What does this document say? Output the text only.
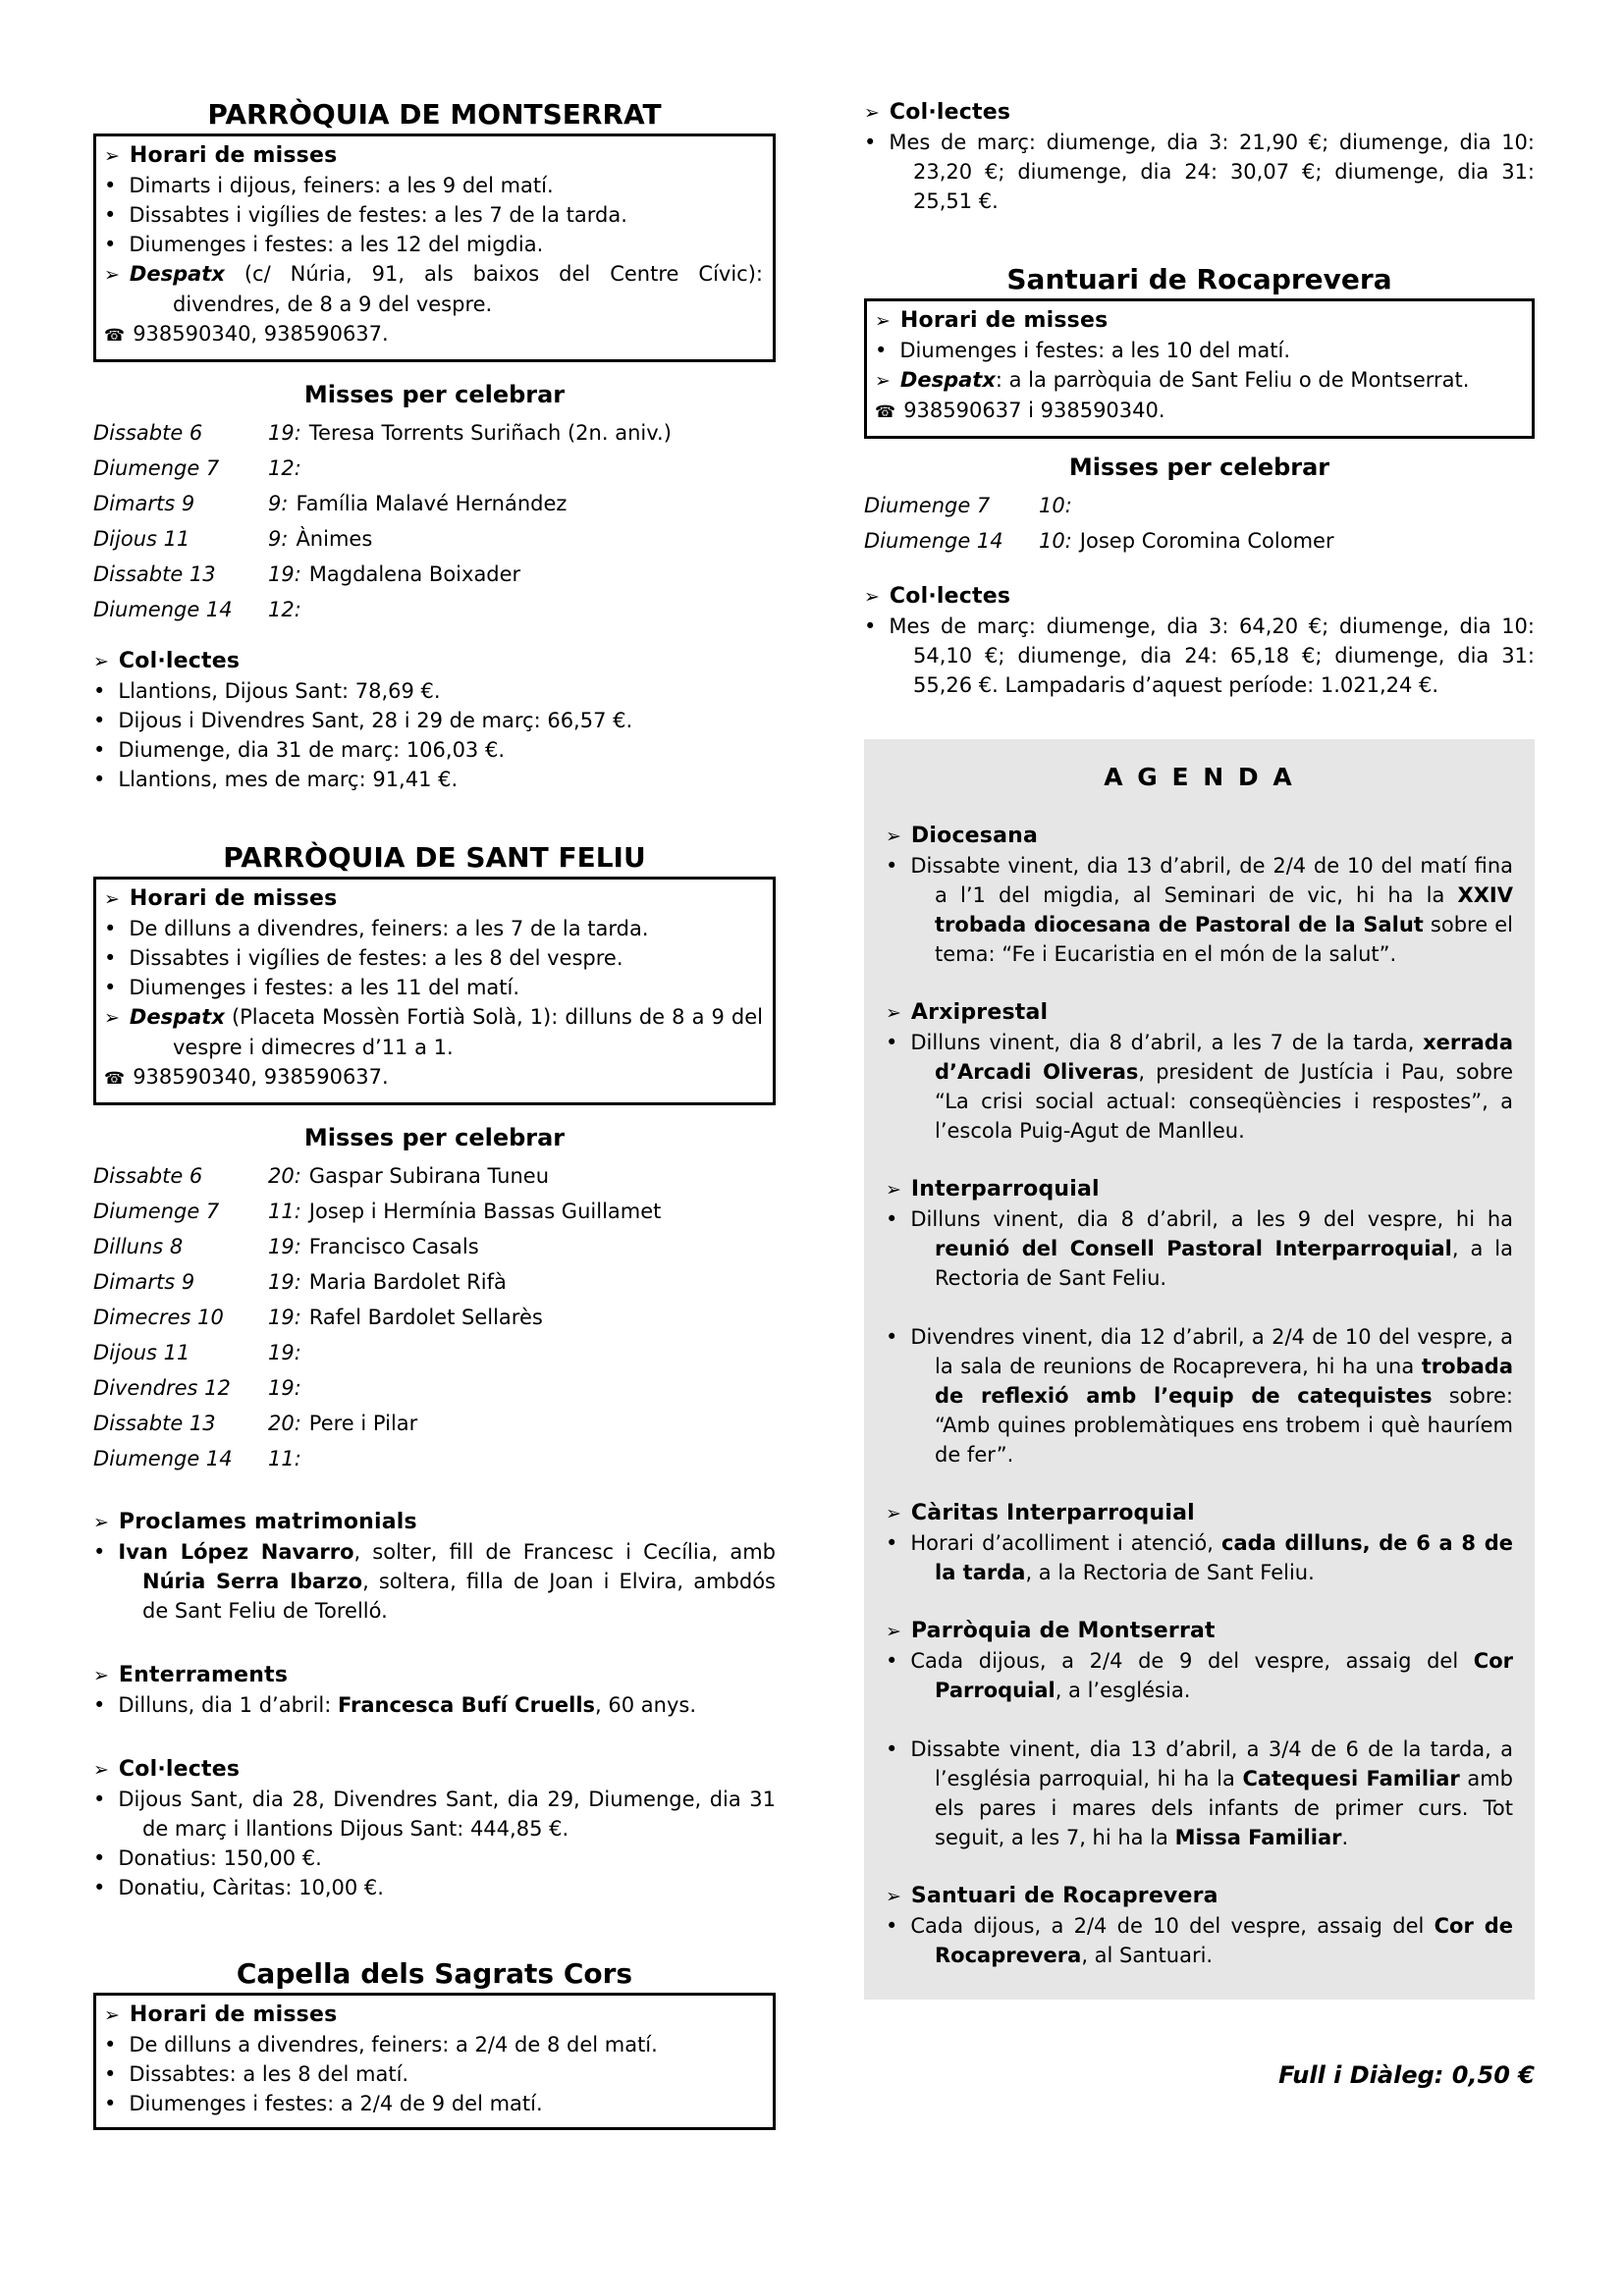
PARRÒQUIA DE MONTSERRAT
➢ Horari de misses
• Dimarts i dijous, feiners: a les 9 del matí.
• Dissabtes i vigílies de festes: a les 7 de la tarda.
• Diumenges i festes: a les 12 del migdia.
➢ Despatx (c/ Núria, 91, als baixos del Centre Cívic): divendres, de 8 a 9 del vespre.
☎ 938590340, 938590637.
Misses per celebrar
Dissabte 6	19: Teresa Torrents Suriñach (2n. aniv.)
Diumenge 7	12:
Dimarts 9	9: Família Malavé Hernández
Dijous 11	9: Ànimes
Dissabte 13	19: Magdalena Boixader
Diumenge 14	12:
➢ Col·lectes
• Llantions, Dijous Sant: 78,69 €.
• Dijous i Divendres Sant, 28 i 29 de març: 66,57 €.
• Diumenge, dia 31 de març: 106,03 €.
• Llantions, mes de març: 91,41 €.
PARRÒQUIA DE SANT FELIU
➢ Horari de misses
• De dilluns a divendres, feiners: a les 7 de la tarda.
• Dissabtes i vigílies de festes: a les 8 del vespre.
• Diumenges i festes: a les 11 del matí.
➢ Despatx (Placeta Mossèn Fortià Solà, 1): dilluns de 8 a 9 del vespre i dimecres d’11 a 1.
☎ 938590340, 938590637.
Misses per celebrar
Dissabte 6	20: Gaspar Subirana Tuneu
Diumenge 7	11: Josep i Hermínia Bassas Guillamet
Dilluns 8	19: Francisco Casals
Dimarts 9	19: Maria Bardolet Rifà
Dimecres 10	19: Rafel Bardolet Sellarès
Dijous 11	19:
Divendres 12	19:
Dissabte 13	20: Pere i Pilar
Diumenge 14	11:
➢ Proclames matrimonials
• Ivan López Navarro, solter, fill de Francesc i Cecília, amb Núria Serra Ibarzo, soltera, filla de Joan i Elvira, ambdós de Sant Feliu de Torelló.
➢ Enterraments
• Dilluns, dia 1 d’abril: Francesca Bufí Cruells, 60 anys.
➢ Col·lectes
• Dijous Sant, dia 28, Divendres Sant, dia 29, Diumenge, dia 31 de març i llantions Dijous Sant: 444,85 €.
• Donatius: 150,00 €.
• Donatiu, Càritas: 10,00 €.
Capella dels Sagrats Cors
➢ Horari de misses
• De dilluns a divendres, feiners: a 2/4 de 8 del matí.
• Dissabtes: a les 8 del matí.
• Diumenges i festes: a 2/4 de 9 del matí.
➢ Col·lectes
• Mes de març: diumenge, dia 3: 21,90 €; diumenge, dia 10: 23,20 €; diumenge, dia 24: 30,07 €; diumenge, dia 31: 25,51 €.
Santuari de Rocaprevera
➢ Horari de misses
• Diumenges i festes: a les 10 del matí.
➢ Despatx: a la parròquia de Sant Feliu o de Montserrat.
☎ 938590637 i 938590340.
Misses per celebrar
Diumenge 7	10:
Diumenge 14	10: Josep Coromina Colomer
➢ Col·lectes
• Mes de març: diumenge, dia 3: 64,20 €; diumenge, dia 10: 54,10 €; diumenge, dia 24: 65,18 €; diumenge, dia 31: 55,26 €. Lampadaris d’aquest període: 1.021,24 €.
A G E N D A
➢ Diocesana
• Dissabte vinent, dia 13 d’abril, de 2/4 de 10 del matí fina a l’1 del migdia, al Seminari de vic, hi ha la XXIV trobada diocesana de Pastoral de la Salut sobre el tema: “Fe i Eucaristia en el món de la salut”.
➢ Arxiprestal
• Dilluns vinent, dia 8 d’abril, a les 7 de la tarda, xerrada d’Arcadi Oliveras, president de Justícia i Pau, sobre “La crisi social actual: conseqüències i respostes”, a l’escola Puig-Agut de Manlleu.
➢ Interparroquial
• Dilluns vinent, dia 8 d’abril, a les 9 del vespre, hi ha reunió del Consell Pastoral Interparroquial, a la Rectoria de Sant Feliu.
• Divendres vinent, dia 12 d’abril, a 2/4 de 10 del vespre, a la sala de reunions de Rocaprevera, hi ha una trobada de reflexió amb l’equip de catequistes sobre: “Amb quines problemàtiques ens trobem i què hauríem de fer”.
➢ Càritas Interparroquial
• Horari d’acolliment i atenció, cada dilluns, de 6 a 8 de la tarda, a la Rectoria de Sant Feliu.
➢ Parròquia de Montserrat
• Cada dijous, a 2/4 de 9 del vespre, assaig del Cor Parroquial, a l’església.
• Dissabte vinent, dia 13 d’abril, a 3/4 de 6 de la tarda, a l’església parroquial, hi ha la Catequesi Familiar amb els pares i mares dels infants de primer curs. Tot seguit, a les 7, hi ha la Missa Familiar.
➢ Santuari de Rocaprevera
• Cada dijous, a 2/4 de 10 del vespre, assaig del Cor de Rocaprevera, al Santuari.
Full i Diàleg: 0,50 €
